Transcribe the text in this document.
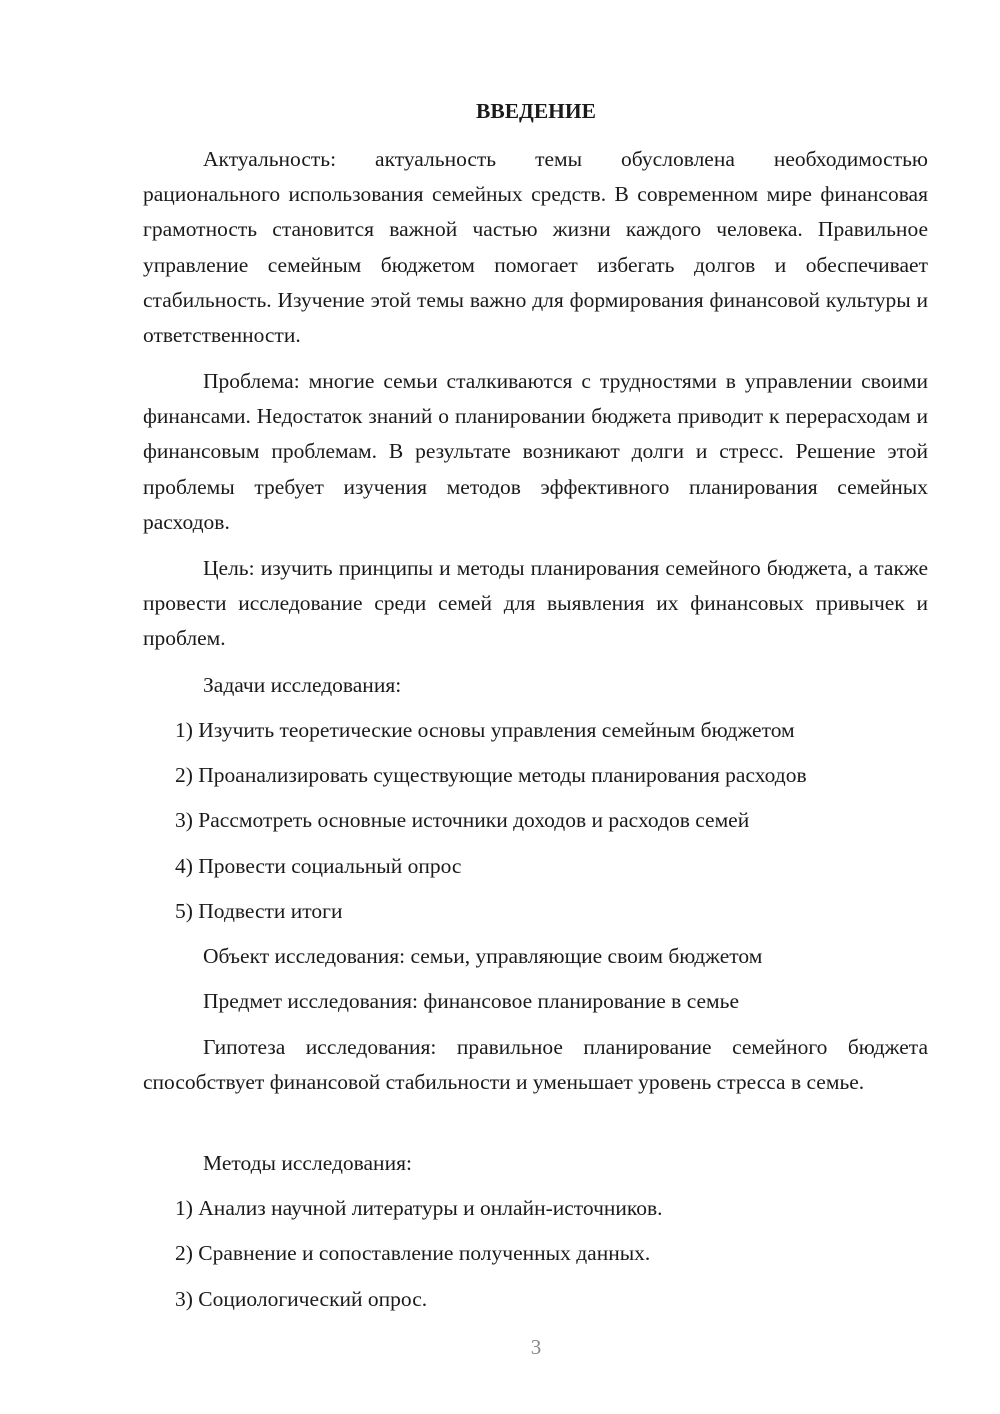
ВВЕДЕНИЕ

Актуальность: актуальность темы обусловлена необходимостью рационального использования семейных средств. В современном мире финансовая грамотность становится важной частью жизни каждого человека. Правильное управление семейным бюджетом помогает избегать долгов и обеспечивает стабильность. Изучение этой темы важно для формирования финансовой культуры и ответственности.

Проблема: многие семьи сталкиваются с трудностями в управлении своими финансами. Недостаток знаний о планировании бюджета приводит к перерасходам и финансовым проблемам. В результате возникают долги и стресс. Решение этой проблемы требует изучения методов эффективного планирования семейных расходов.

Цель: изучить принципы и методы планирования семейного бюджета, а также провести исследование среди семей для выявления их финансовых привычек и проблем.

Задачи исследования:

1) Изучить теоретические основы управления семейным бюджетом

2) Проанализировать существующие методы планирования расходов

3) Рассмотреть основные источники доходов и расходов семей

4) Провести социальный опрос

5) Подвести итоги

Объект исследования: семьи, управляющие своим бюджетом

Предмет исследования: финансовое планирование в семье

Гипотеза исследования: правильное планирование семейного бюджета способствует финансовой стабильности и уменьшает уровень стресса в семье.

Методы исследования:

1) Анализ научной литературы и онлайн-источников.

2) Сравнение и сопоставление полученных данных.

3) Социологический опрос.

3
